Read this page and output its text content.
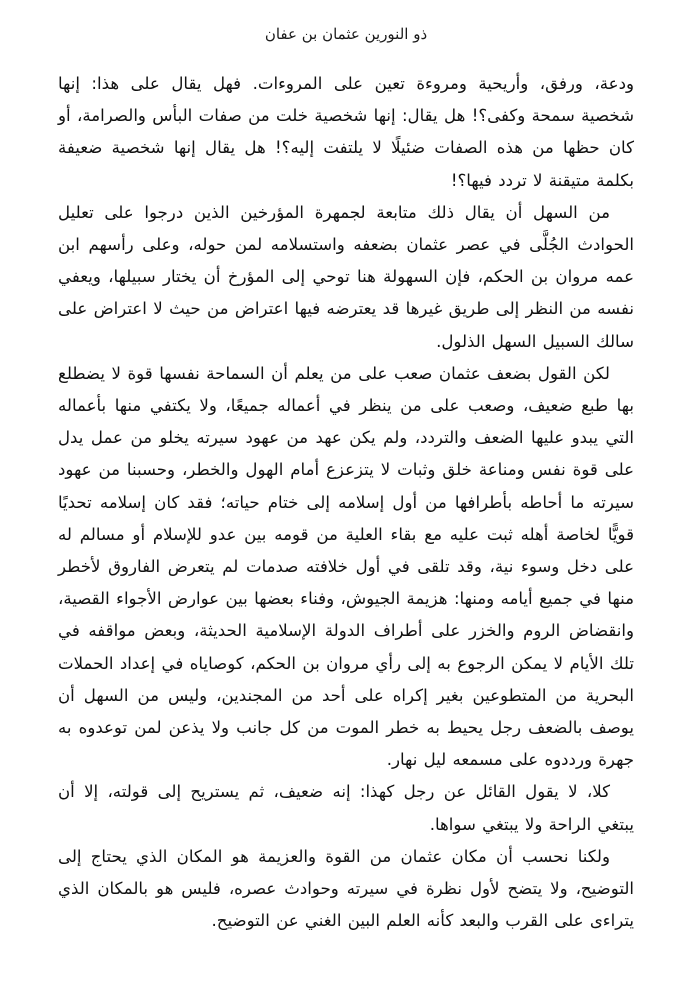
ذو النورين عثمان بن عفان

ودعة، ورفق، وأريحية ومروءة تعين على المروءات. فهل يقال على هذا: إنها شخصية سمحة وكفى؟! هل يقال: إنها شخصية خلت من صفات البأس والصرامة، أو كان حظها من هذه الصفات ضئيلًا لا يلتفت إليه؟! هل يقال إنها شخصية ضعيفة بكلمة متيقنة لا تردد فيها؟!

من السهل أن يقال ذلك متابعة لجمهرة المؤرخين الذين درجوا على تعليل الحوادث الجُلَّى في عصر عثمان بضعفه واستسلامه لمن حوله، وعلى رأسهم ابن عمه مروان بن الحكم، فإن السهولة هنا توحي إلى المؤرخ أن يختار سبيلها، ويعفي نفسه من النظر إلى طريق غيرها قد يعترضه فيها اعتراض من حيث لا اعتراض على سالك السبيل السهل الذلول.

لكن القول بضعف عثمان صعب على من يعلم أن السماحة نفسها قوة لا يضطلع بها طبع ضعيف، وصعب على من ينظر في أعماله جميعًا، ولا يكتفي منها بأعماله التي يبدو عليها الضعف والتردد، ولم يكن عهد من عهود سيرته يخلو من عمل يدل على قوة نفس ومناعة خلق وثبات لا يتزعزع أمام الهول والخطر، وحسبنا من عهود سيرته ما أحاطه بأطرافها من أول إسلامه إلى ختام حياته؛ فقد كان إسلامه تحديًا قويًّا لخاصة أهله ثبت عليه مع بقاء العلية من قومه بين عدو للإسلام أو مسالم له على دخل وسوء نية، وقد تلقى في أول خلافته صدمات لم يتعرض الفاروق لأخطر منها في جميع أيامه ومنها: هزيمة الجيوش، وفناء بعضها بين عوارض الأجواء القصية، وانقضاض الروم والخزر على أطراف الدولة الإسلامية الحديثة، وبعض مواقفه في تلك الأيام لا يمكن الرجوع به إلى رأي مروان بن الحكم، كوصاياه في إعداد الحملات البحرية من المتطوعين بغير إكراه على أحد من المجندين، وليس من السهل أن يوصف بالضعف رجل يحيط به خطر الموت من كل جانب ولا يذعن لمن توعدوه به جهرة ورددوه على مسمعه ليل نهار.

كلا، لا يقول القائل عن رجل كهذا: إنه ضعيف، ثم يستريح إلى قولته، إلا أن يبتغي الراحة ولا يبتغي سواها.

ولكنا نحسب أن مكان عثمان من القوة والعزيمة هو المكان الذي يحتاج إلى التوضيح، ولا يتضح لأول نظرة في سيرته وحوادث عصره، فليس هو بالمكان الذي يتراءى على القرب والبعد كأنه العلم البين الغني عن التوضيح.
